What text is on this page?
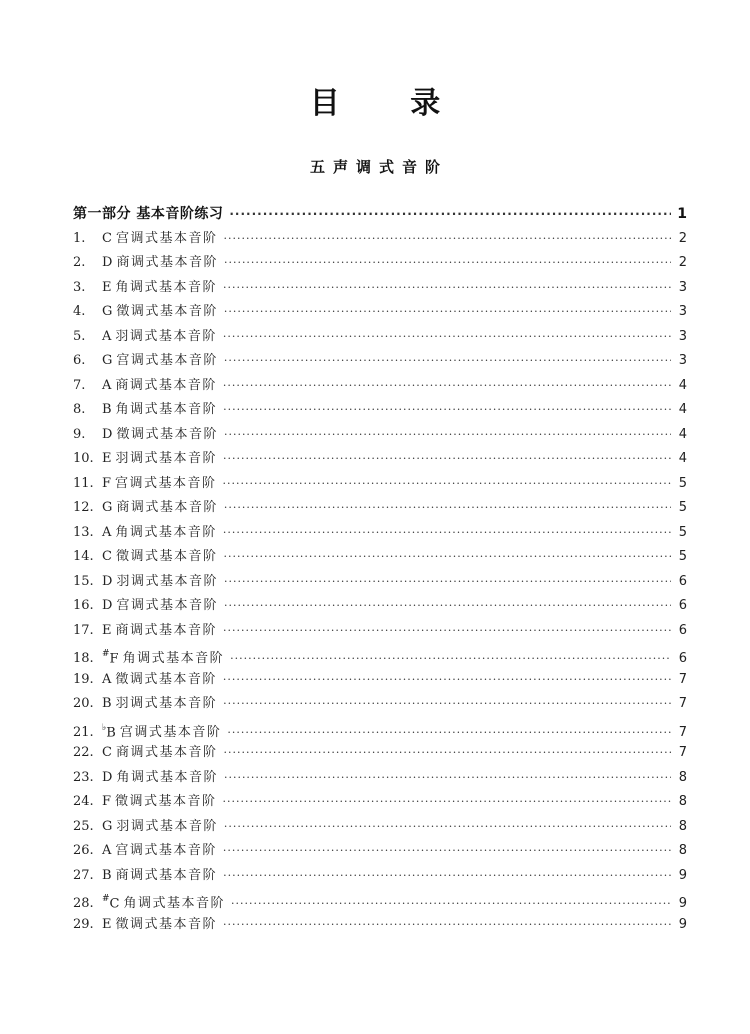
目 录
五声调式音阶
第一部分 基本音阶练习 ·····	1
1.	C 宫调式基本音阶 ·····	2
2.	D 商调式基本音阶 ·····	2
3.	E 角调式基本音阶 ·····	3
4.	G 徵调式基本音阶 ·····	3
5.	A 羽调式基本音阶 ·····	3
6.	G 宫调式基本音阶 ·····	3
7.	A 商调式基本音阶 ·····	4
8.	B 角调式基本音阶 ·····	4
9.	D 徵调式基本音阶 ·····	4
10. E 羽调式基本音阶 ·····	4
11. F 宫调式基本音阶 ·····	5
12. G 商调式基本音阶 ·····	5
13. A 角调式基本音阶 ·····	5
14. C 徵调式基本音阶 ·····	5
15. D 羽调式基本音阶 ·····	6
16. D 宫调式基本音阶 ·····	6
17. E 商调式基本音阶 ·····	6
18. #F 角调式基本音阶 ·····	6
19. A 徵调式基本音阶 ·····	7
20. B 羽调式基本音阶 ·····	7
21. ♭B 宫调式基本音阶 ·····	7
22. C 商调式基本音阶 ·····	7
23. D 角调式基本音阶 ·····	8
24. F 徵调式基本音阶 ·····	8
25. G 羽调式基本音阶 ·····	8
26. A 宫调式基本音阶 ·····	8
27. B 商调式基本音阶 ·····	9
28. #C 角调式基本音阶 ·····	9
29. E 徵调式基本音阶 ·····	9
